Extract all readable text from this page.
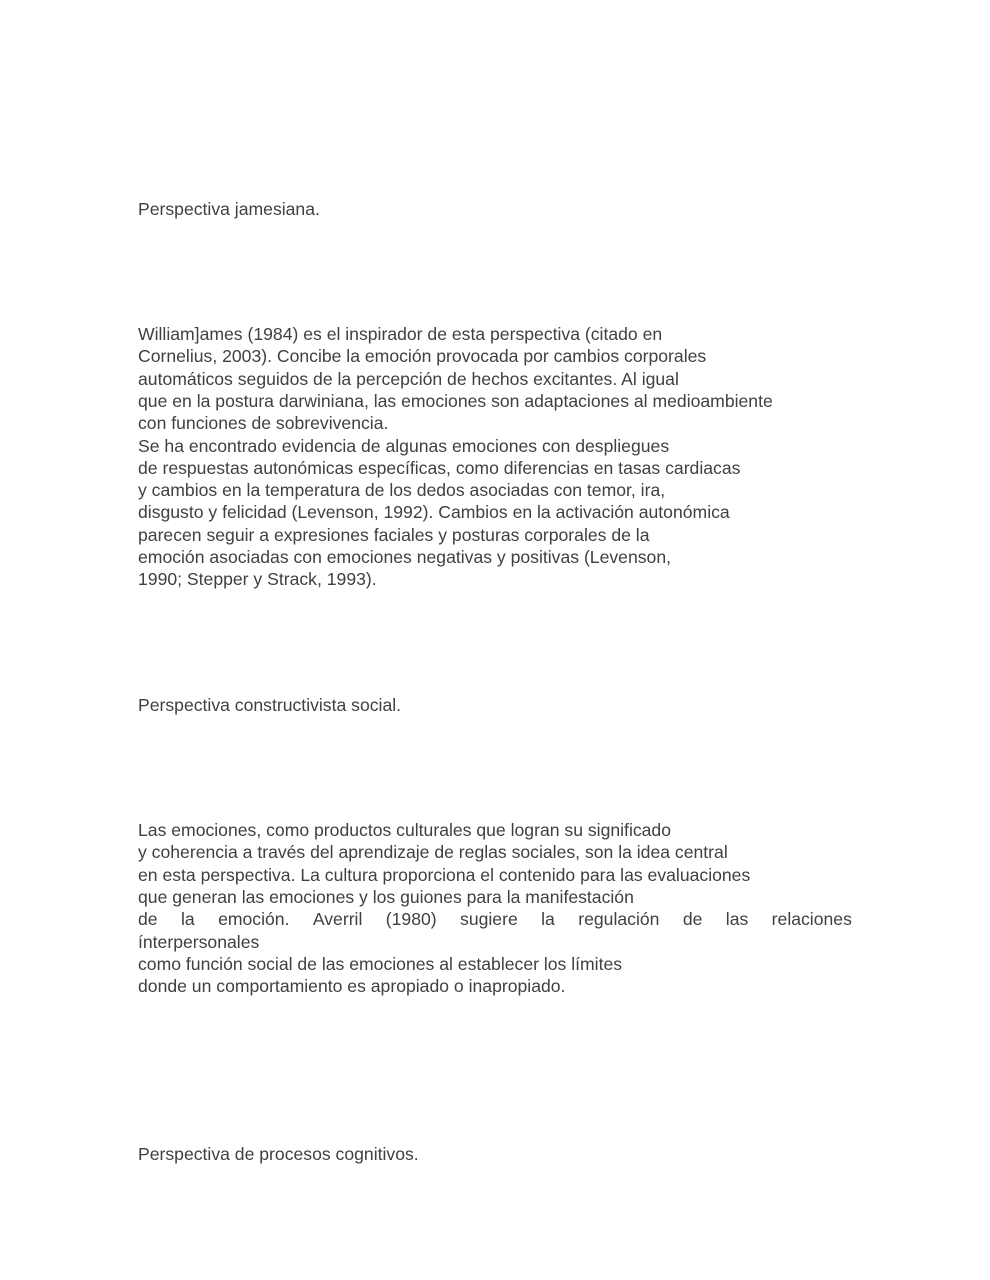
Perspectiva jamesiana.

William]ames (1984) es el inspirador de esta perspectiva (citado en

Cornelius, 2003). Concibe la emoción provocada por cambios corporales

automáticos seguidos de la percepción de hechos excitantes. Al igual

que en la postura darwiniana, las emociones son adaptaciones al medioambiente

con funciones de sobrevivencia.

Se ha encontrado evidencia de algunas emociones con despliegues

de respuestas autonómicas específicas, como diferencias en tasas cardiacas

y cambios en la temperatura de los dedos asociadas con temor, ira,

disgusto y felicidad (Levenson, 1992). Cambios en la activación autonómica

parecen seguir a expresiones faciales y posturas corporales de la

emoción asociadas con emociones negativas y positivas (Levenson,

1990; Stepper y Strack, 1993).

Perspectiva constructivista social.

Las emociones, como productos culturales que logran su significado

y coherencia a través del aprendizaje de reglas sociales, son la idea central

en esta perspectiva. La cultura proporciona el contenido para las evaluaciones

que generan las emociones y los guiones para la manifestación

de la emoción. Averril (1980) sugiere la regulación de las relaciones

ínterpersonales

como función social de las emociones al establecer los límites

donde un comportamiento es apropiado o inapropiado.

Perspectiva de procesos cognitivos.
